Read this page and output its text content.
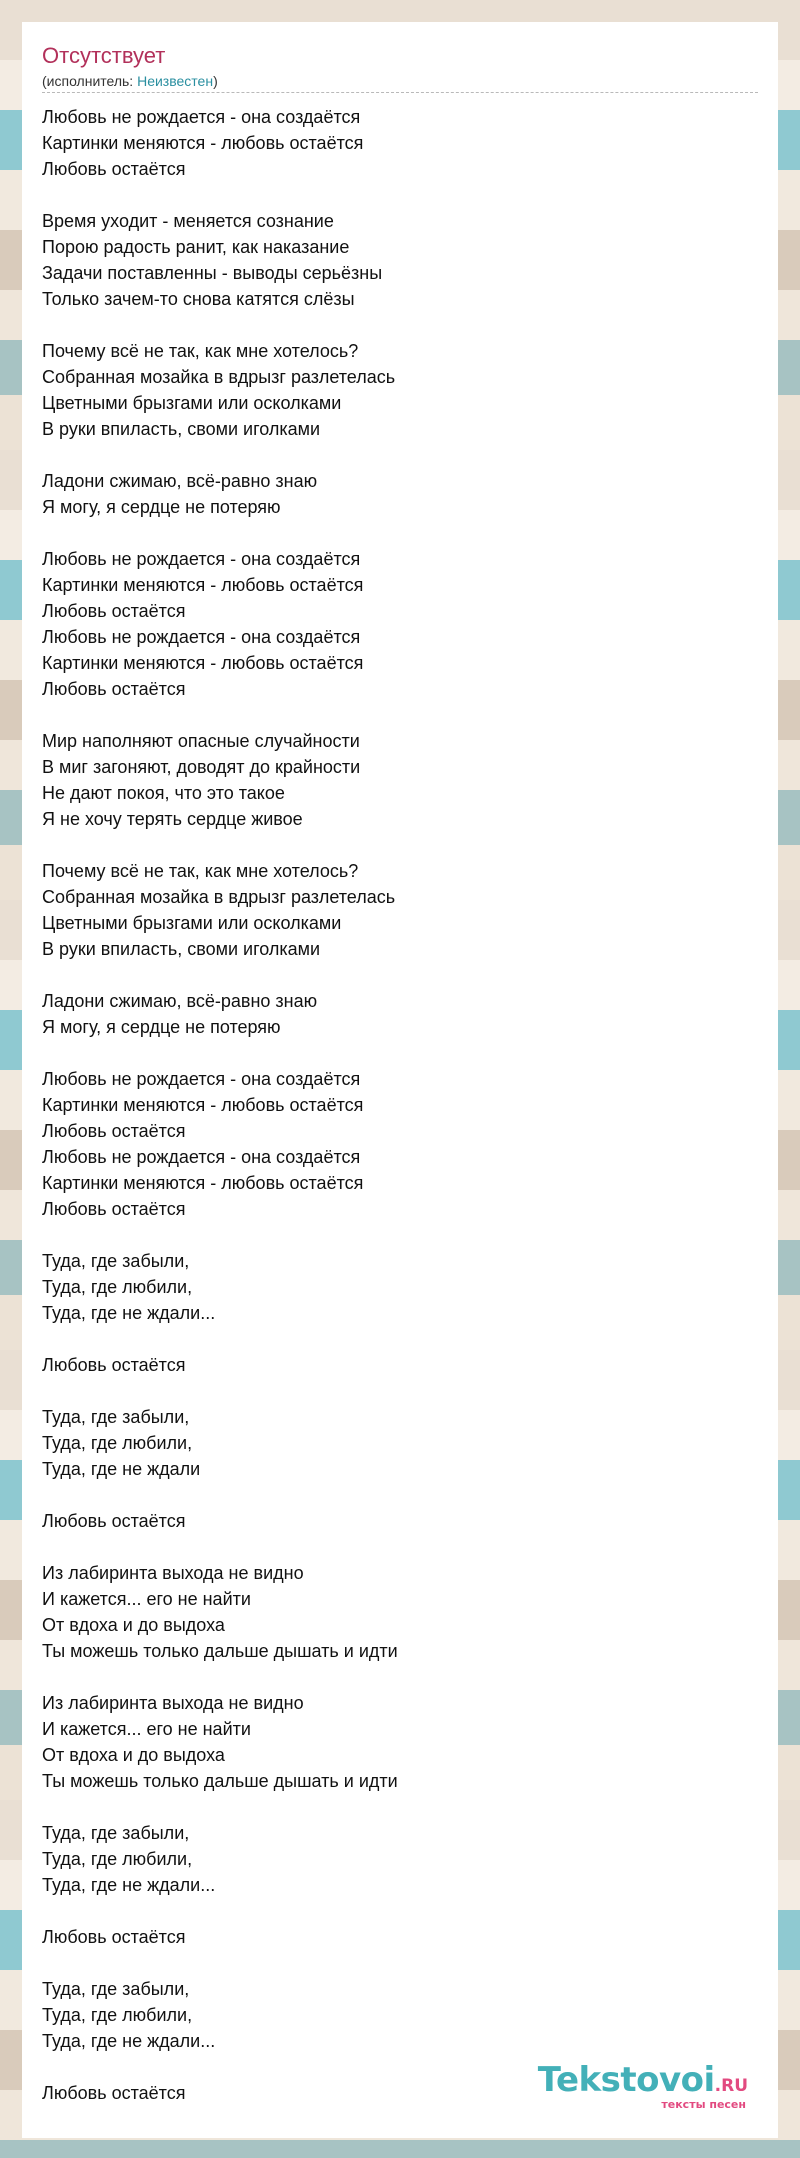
Отсутствует
(исполнитель: Неизвестен)
Любовь не рождается - она создаётся
Картинки меняются - любовь остаётся
Любовь остаётся

Время уходит - меняется сознание
Порою радость ранит, как наказание
Задачи поставленны - выводы серьёзны
Только зачем-то снова катятся слёзы

Почему всё не так, как мне хотелось?
Собранная мозайка в вдрызг разлетелась
Цветными брызгами или осколками
В руки впиласть, своми иголками

Ладони сжимаю, всё-равно знаю
Я могу, я сердце не потеряю

Любовь не рождается - она создаётся
Картинки меняются - любовь остаётся
Любовь остаётся
Любовь не рождается - она создаётся
Картинки меняются - любовь остаётся
Любовь остаётся

Мир наполняют опасные случайности
В миг загоняют, доводят до крайности
Не дают покоя, что это такое
Я не хочу терять сердце живое

Почему всё не так, как мне хотелось?
Собранная мозайка в вдрызг разлетелась
Цветными брызгами или осколками
В руки впиласть, своми иголками

Ладони сжимаю, всё-равно знаю
Я могу, я сердце не потеряю

Любовь не рождается - она создаётся
Картинки меняются - любовь остаётся
Любовь остаётся
Любовь не рождается - она создаётся
Картинки меняются - любовь остаётся
Любовь остаётся

Туда, где забыли,
Туда, где любили,
Туда, где не ждали...

Любовь остаётся

Туда, где забыли,
Туда, где любили,
Туда, где не ждали

Любовь остаётся

Из лабиринта выхода не видно
И кажется... его не найти
От вдоха и до выдоха
Ты можешь только дальше дышать и идти

Из лабиринта выхода не видно
И кажется... его не найти
От вдоха и до выдоха
Ты можешь только дальше дышать и идти

Туда, где забыли,
Туда, где любили,
Туда, где не ждали...

Любовь остаётся

Туда, где забыли,
Туда, где любили,
Туда, где не ждали...

Любовь остаётся	Tekstovoi.RU
тексты песен
